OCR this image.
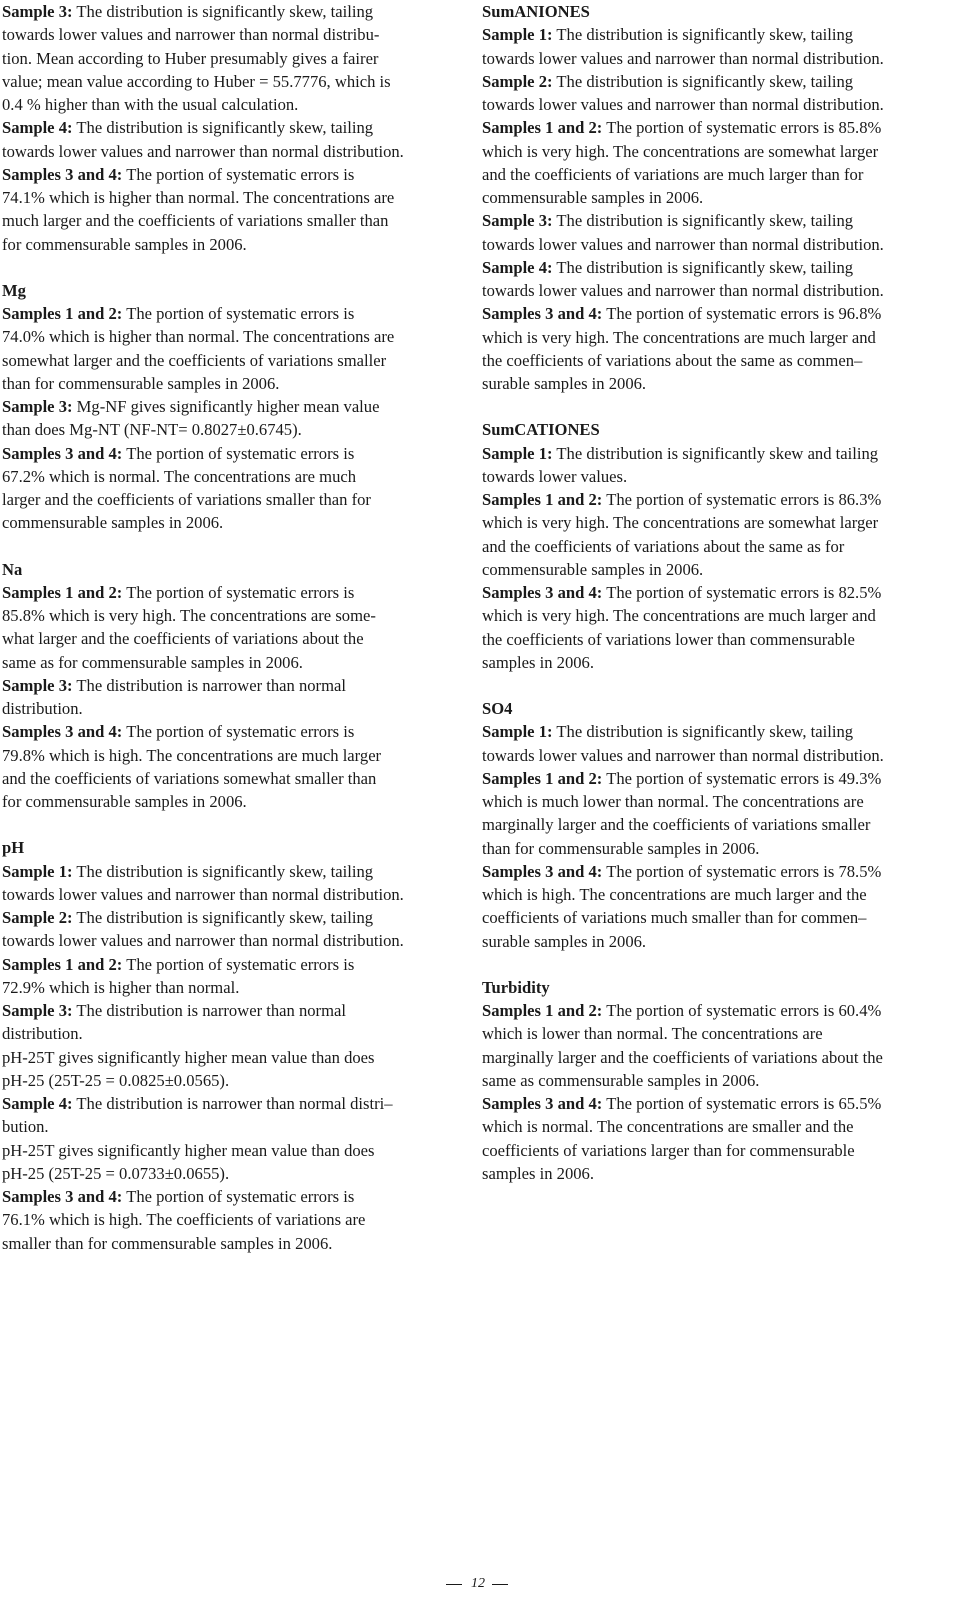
Sample 3: The distribution is significantly skew, tailing
towards lower values and narrower than normal distribu-
tion. Mean according to Huber presumably gives a fairer
value; mean value according to Huber = 55.7776, which is
0.4 % higher than with the usual calculation.
Sample 4: The distribution is significantly skew, tailing
towards lower values and narrower than normal distribution.
Samples 3 and 4: The portion of systematic errors is
74.1% which is higher than normal. The concentrations are
much larger and the coefficients of variations smaller than
for commensurable samples in 2006.
Mg
Samples 1 and 2: The portion of systematic errors is
74.0% which is higher than normal. The concentrations are
somewhat larger and the coefficients of variations smaller
than for commensurable samples in 2006.
Sample 3: Mg-NF gives significantly higher mean value
than does Mg-NT (NF-NT= 0.8027±0.6745).
Samples 3 and 4: The portion of systematic errors is
67.2% which is normal. The concentrations are much
larger and the coefficients of variations smaller than for
commensurable samples in 2006.
Na
Samples 1 and 2: The portion of systematic errors is
85.8% which is very high. The concentrations are some-
what larger and the coefficients of variations about the
same as for commensurable samples in 2006.
Sample 3: The distribution is narrower than normal
distribution.
Samples 3 and 4: The portion of systematic errors is
79.8% which is high. The concentrations are much larger
and the coefficients of variations somewhat smaller than
for commensurable samples in 2006.
pH
Sample 1: The distribution is significantly skew, tailing
towards lower values and narrower than normal distribution.
Sample 2: The distribution is significantly skew, tailing
towards lower values and narrower than normal distribution.
Samples 1 and 2: The portion of systematic errors is
72.9% which is higher than normal.
Sample 3: The distribution is narrower than normal
distribution.
pH-25T gives significantly higher mean value than does
pH-25 (25T-25 = 0.0825±0.0565).
Sample 4: The distribution is narrower than normal distri–
bution.
pH-25T gives significantly higher mean value than does
pH-25 (25T-25 = 0.0733±0.0655).
Samples 3 and 4: The portion of systematic errors is
76.1% which is high. The coefficients of variations are
smaller than for commensurable samples in 2006.
SumANIONES
Sample 1: The distribution is significantly skew, tailing
towards lower values and narrower than normal distribution.
Sample 2: The distribution is significantly skew, tailing
towards lower values and narrower than normal distribution.
Samples 1 and 2: The portion of systematic errors is 85.8%
which is very high. The concentrations are somewhat larger
and the coefficients of variations are much larger than for
commensurable samples in 2006.
Sample 3: The distribution is significantly skew, tailing
towards lower values and narrower than normal distribution.
Sample 4: The distribution is significantly skew, tailing
towards lower values and narrower than normal distribution.
Samples 3 and 4: The portion of systematic errors is 96.8%
which is very high. The concentrations are much larger and
the coefficients of variations about the same as commen–
surable samples in 2006.
SumCATIONES
Sample 1: The distribution is significantly skew and tailing
towards lower values.
Samples 1 and 2: The portion of systematic errors is 86.3%
which is very high. The concentrations are somewhat larger
and the coefficients of variations about the same as for
commensurable samples in 2006.
Samples 3 and 4: The portion of systematic errors is 82.5%
which is very high. The concentrations are much larger and
the coefficients of variations lower than commensurable
samples in 2006.
SO4
Sample 1: The distribution is significantly skew, tailing
towards lower values and narrower than normal distribution.
Samples 1 and 2: The portion of systematic errors is 49.3%
which is much lower than normal. The concentrations are
marginally larger and the coefficients of variations smaller
than for commensurable samples in 2006.
Samples 3 and 4: The portion of systematic errors is 78.5%
which is high. The concentrations are much larger and the
coefficients of variations much smaller than for commen–
surable samples in 2006.
Turbidity
Samples 1 and 2: The portion of systematic errors is 60.4%
which is lower than normal. The concentrations are
marginally larger and the coefficients of variations about the
same as commensurable samples in 2006.
Samples 3 and 4: The portion of systematic errors is 65.5%
which is normal. The concentrations are smaller and the
coefficients of variations larger than for commensurable
samples in 2006.
12
